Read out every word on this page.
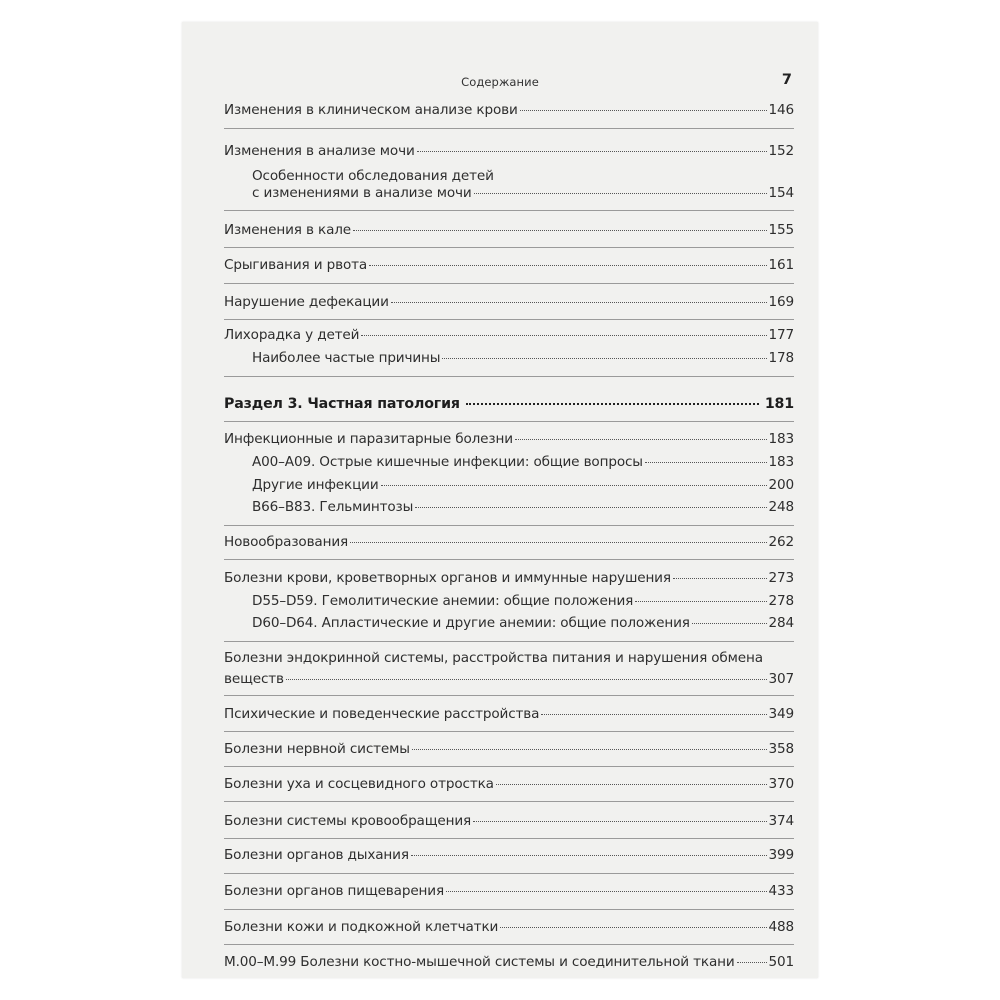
Содержание	7
Изменения в клиническом анализе крови	146
Изменения в анализе мочи	152
Особенности обследования детей
с изменениями в анализе мочи	154
Изменения в кале	155
Срыгивания и рвота	161
Нарушение дефекации	169
Лихорадка у детей	177
Наиболее частые причины	178
Раздел 3. Частная патология	181
Инфекционные и паразитарные болезни	183
А00–А09. Острые кишечные инфекции: общие вопросы	183
Другие инфекции	200
В66–В83. Гельминтозы	248
Новообразования	262
Болезни крови, кроветворных органов и иммунные нарушения	273
D55–D59. Гемолитические анемии: общие положения	278
D60–D64. Апластические и другие анемии: общие положения	284
Болезни эндокринной системы, расстройства питания и нарушения обмена
веществ	307
Психические и поведенческие расстройства	349
Болезни нервной системы	358
Болезни уха и сосцевидного отростка	370
Болезни системы кровообращения	374
Болезни органов дыхания	399
Болезни органов пищеварения	433
Болезни кожи и подкожной клетчатки	488
М.00–М.99 Болезни костно-мышечной системы и соединительной ткани 501
